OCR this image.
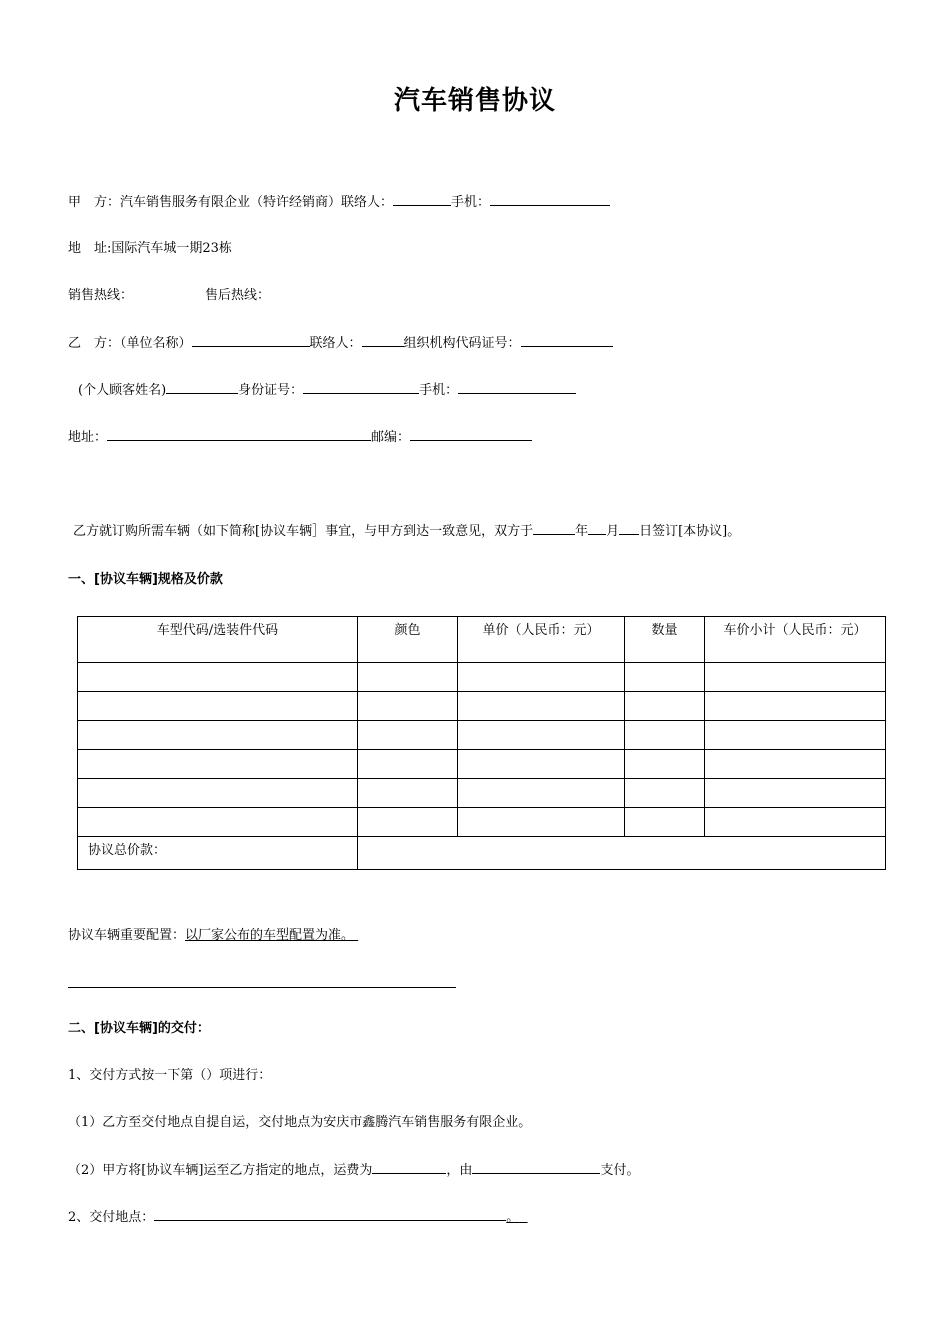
汽车销售协议
甲　方：汽车销售服务有限企业（特许经销商）联络人：	手机：
地　址:国际汽车城一期23栋
销售热线：	售后热线：
乙　方：（单位名称）	联络人：	组织机构代码证号：
(个人顾客姓名)	身份证号：	手机：
地址：	邮编：
乙方就订购所需车辆（如下简称[协议车辆］事宜，与甲方到达一致意见，双方于	年 月 日签订[本协议]。
一、[协议车辆]规格及价款
车型代码/选装件代码	颜色	单价（人民币：元）	数量	车价小计（人民币：元）

协议总价款：				
协议车辆重要配置：以厂家公布的车型配置为准。
二、[协议车辆]的交付：
1、交付方式按一下第（）项进行：
（1）乙方至交付地点自提自运，交付地点为安庆市鑫腾汽车销售服务有限企业。
（2）甲方将[协议车辆]运至乙方指定的地点，运费为	，由	支付。
2、交付地点：	。
